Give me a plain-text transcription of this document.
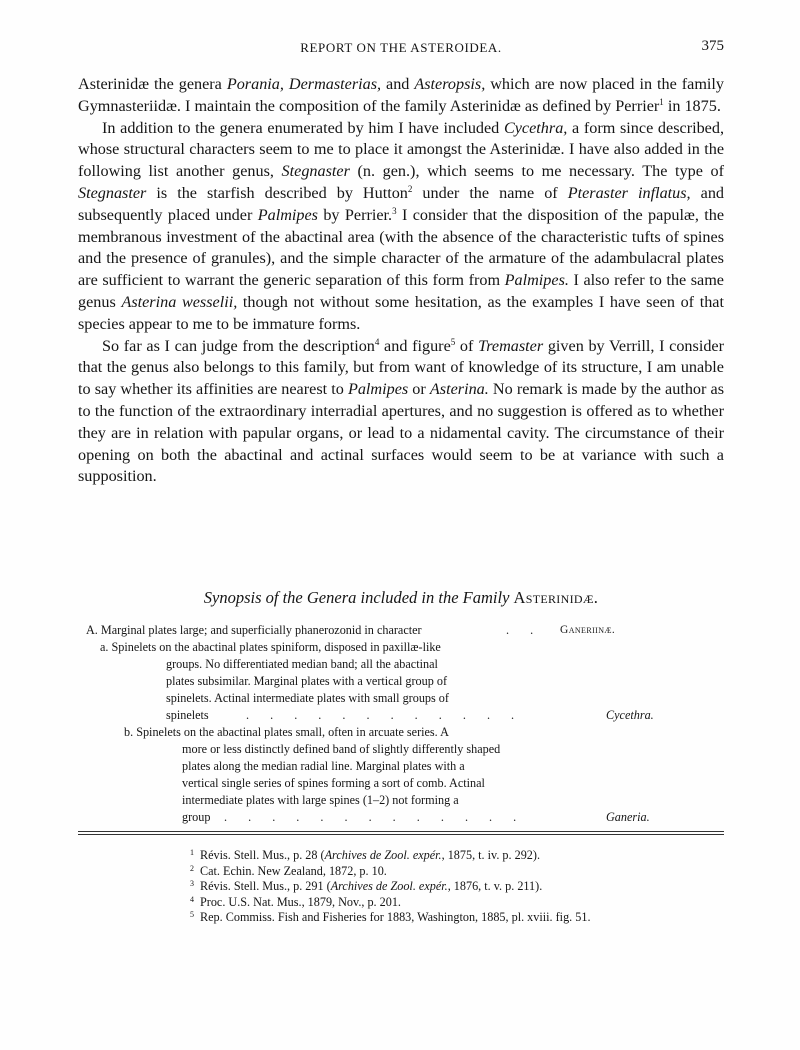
REPORT ON THE ASTEROIDEA.	375

Asterinidæ the genera Porania, Dermasterias, and Asteropsis, which are now placed in the family Gymnasteriidæ. I maintain the composition of the family Asterinidæ as defined by Perrier$^1$ in 1875.

In addition to the genera enumerated by him I have included Cycethra, a form since described, whose structural characters seem to me to place it amongst the Asterinidæ. I have also added in the following list another genus, Stegnaster (n. gen.), which seems to me necessary. The type of Stegnaster is the starfish described by Hutton$^2$ under the name of Pteraster inflatus, and subsequently placed under Palmipes by Perrier.$^3$ I consider that the disposition of the papulæ, the membranous investment of the abactinal area (with the absence of the characteristic tufts of spines and the presence of granules), and the simple character of the armature of the adambulacral plates are sufficient to warrant the generic separation of this form from Palmipes. I also refer to the same genus Asterina wesselii, though not without some hesitation, as the examples I have seen of that species appear to me to be immature forms.

So far as I can judge from the description$^4$ and figure$^5$ of Tremaster given by Verrill, I consider that the genus also belongs to this family, but from want of knowledge of its structure, I am unable to say whether its affinities are nearest to Palmipes or Asterina. No remark is made by the author as to the function of the extraordinary interradial apertures, and no suggestion is offered as to whether they are in relation with papular organs, or lead to a nidamental cavity. The circumstance of their opening on both the abactinal and actinal surfaces would seem to be at variance with such a supposition.

Synopsis of the Genera included in the Family Asterinidæ.
A. Marginal plates large; and superficially phanerozonid in character	. . Ganeriinæ.
a. Spinelets on the abactinal plates spiniform, disposed in paxillæ-like
groups. No differentiated median band; all the abactinal
plates subsimilar. Marginal plates with a vertical group of
spinelets. Actinal intermediate plates with small groups of
spinelets	. . . . . . . . . . . .	Cycethra.
b. Spinelets on the abactinal plates small, often in arcuate series. A
more or less distinctly defined band of slightly differently shaped
plates along the median radial line. Marginal plates with a
vertical single series of spines forming a sort of comb. Actinal
intermediate plates with large spines (1–2) not forming a
group . . . . . . . . . . . . .	Ganeria.
$^1$ Révis. Stell. Mus., p. 28 (Archives de Zool. expér., 1875, t. iv. p. 292).
$^2$ Cat. Echin. New Zealand, 1872, p. 10.
$^3$ Révis. Stell. Mus., p. 291 (Archives de Zool. expér., 1876, t. v. p. 211).
$^4$ Proc. U.S. Nat. Mus., 1879, Nov., p. 201.
$^5$ Rep. Commiss. Fish and Fisheries for 1883, Washington, 1885, pl. xviii. fig. 51.
